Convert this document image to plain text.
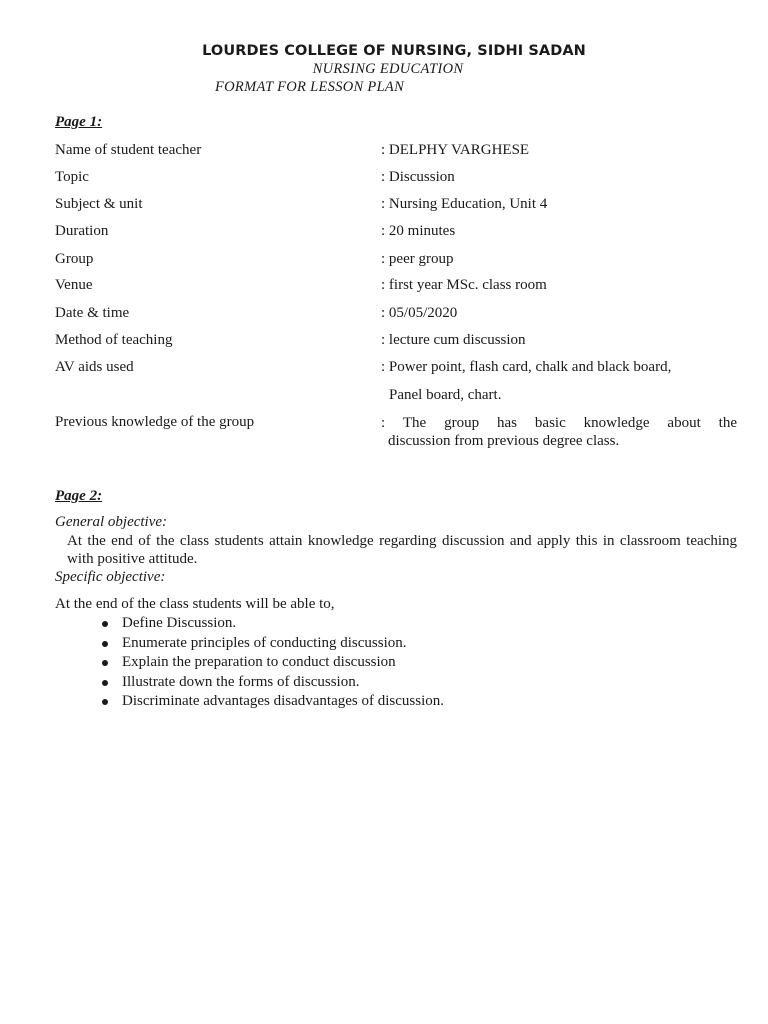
LOURDES COLLEGE OF NURSING, SIDHI SADAN
NURSING EDUCATION
FORMAT FOR LESSON PLAN
Page 1:
Name of student teacher	: DELPHY VARGHESE
Topic	: Discussion
Subject & unit	: Nursing Education, Unit 4
Duration	: 20 minutes
Group	: peer group
Venue	: first year MSc. class room
Date & time	: 05/05/2020
Method of teaching	: lecture cum discussion
AV aids used	: Power point, flash card, chalk and black board,
Panel board, chart.
Previous knowledge of the group	: The group has basic knowledge about the
discussion from previous degree class.
Page 2:
General objective:
At the end of the class students attain knowledge regarding discussion and apply this in classroom teaching with positive attitude.
Specific objective:
At the end of the class students will be able to,
Define Discussion.
Enumerate principles of conducting discussion.
Explain the preparation to conduct discussion
Illustrate down the forms of discussion.
Discriminate advantages disadvantages of discussion.
